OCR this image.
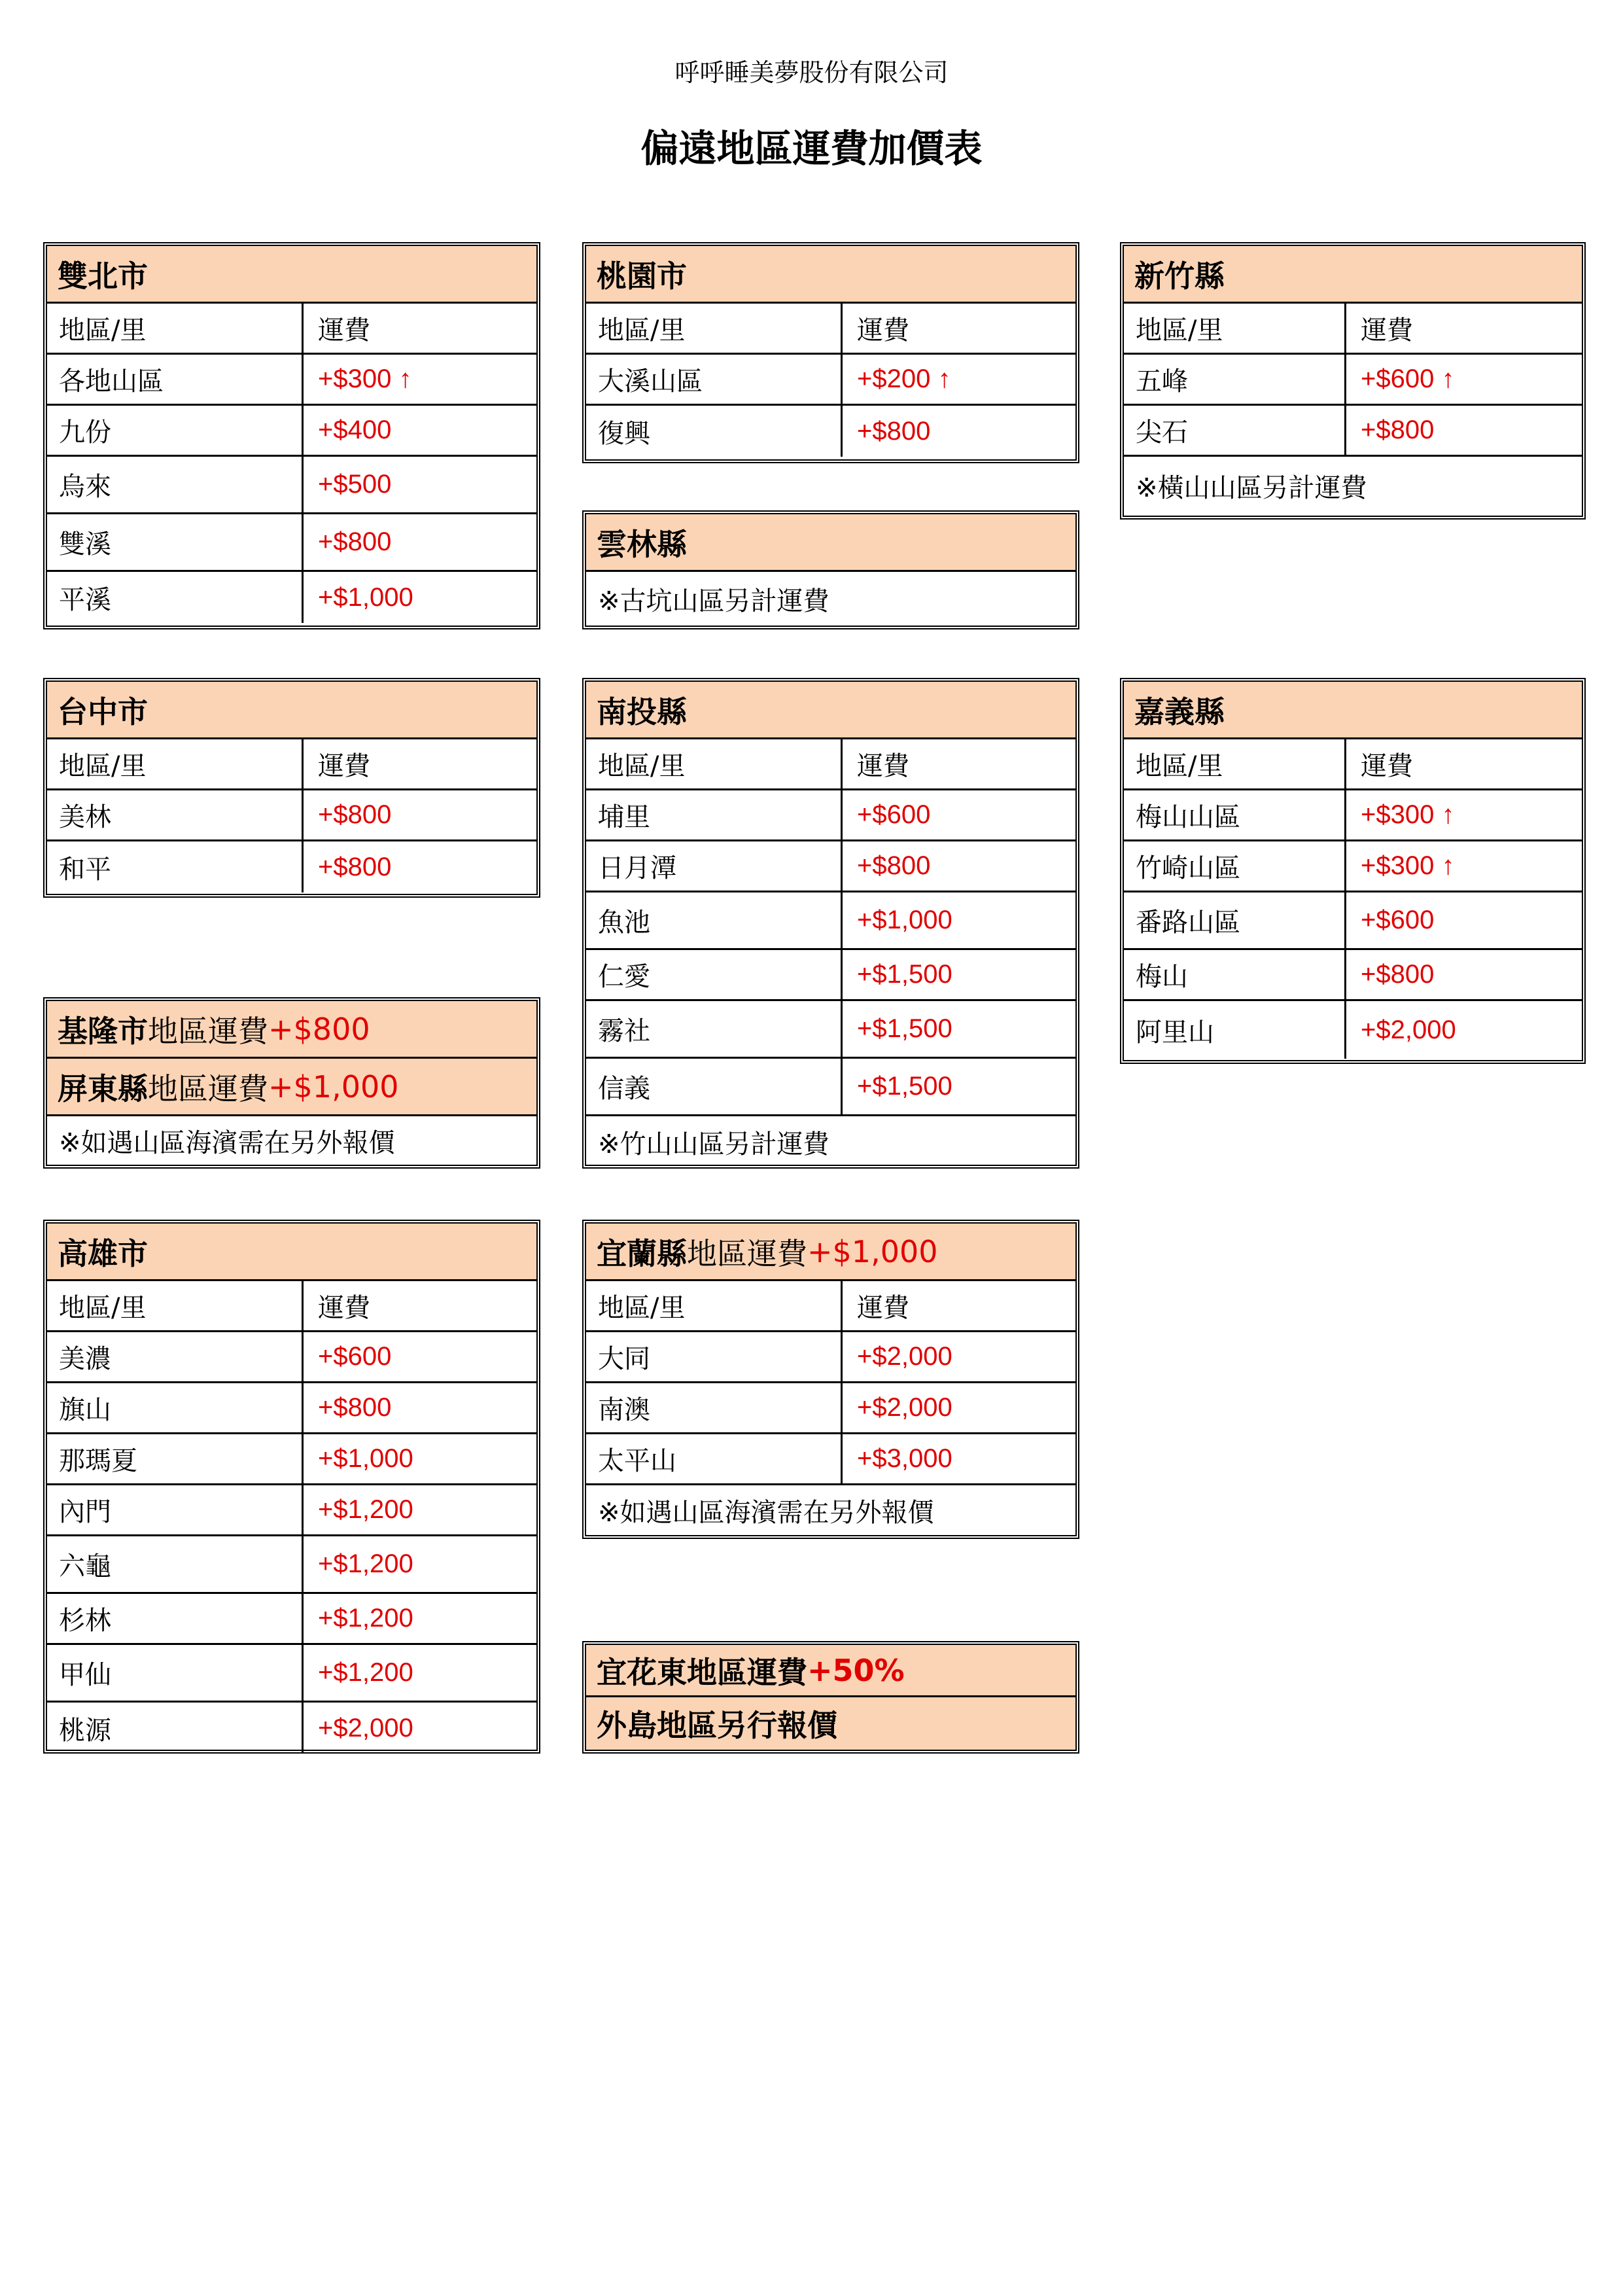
呼呼睡美夢股份有限公司
偏遠地區運費加價表
雙北市
地區/里	運費
各地山區	+$300 ↑
九份	+$400
烏來	+$500
雙溪	+$800
平溪	+$1,000
桃園市
地區/里	運費
大溪山區	+$200 ↑
復興	+$800
新竹縣
地區/里	運費
五峰	+$600 ↑
尖石	+$800
※橫山山區另計運費
雲林縣
※古坑山區另計運費
台中市
地區/里	運費
美林	+$800
和平	+$800
南投縣
地區/里	運費
埔里	+$600
日月潭	+$800
魚池	+$1,000
仁愛	+$1,500
霧社	+$1,500
信義	+$1,500
※竹山山區另計運費
嘉義縣
地區/里	運費
梅山山區	+$300 ↑
竹崎山區	+$300 ↑
番路山區	+$600
梅山	+$800
阿里山	+$2,000
基隆市 地區運費 +$800
屏東縣 地區運費 +$1,000
※如遇山區海濱需在另外報價
高雄市
地區/里	運費
美濃	+$600
旗山	+$800
那瑪夏	+$1,000
內門	+$1,200
六龜	+$1,200
杉林	+$1,200
甲仙	+$1,200
桃源	+$2,000
宜蘭縣 地區運費 +$1,000
地區/里	運費
大同	+$2,000
南澳	+$2,000
太平山	+$3,000
※如遇山區海濱需在另外報價
宜花東地區運費 +50%
外島地區另行報價
